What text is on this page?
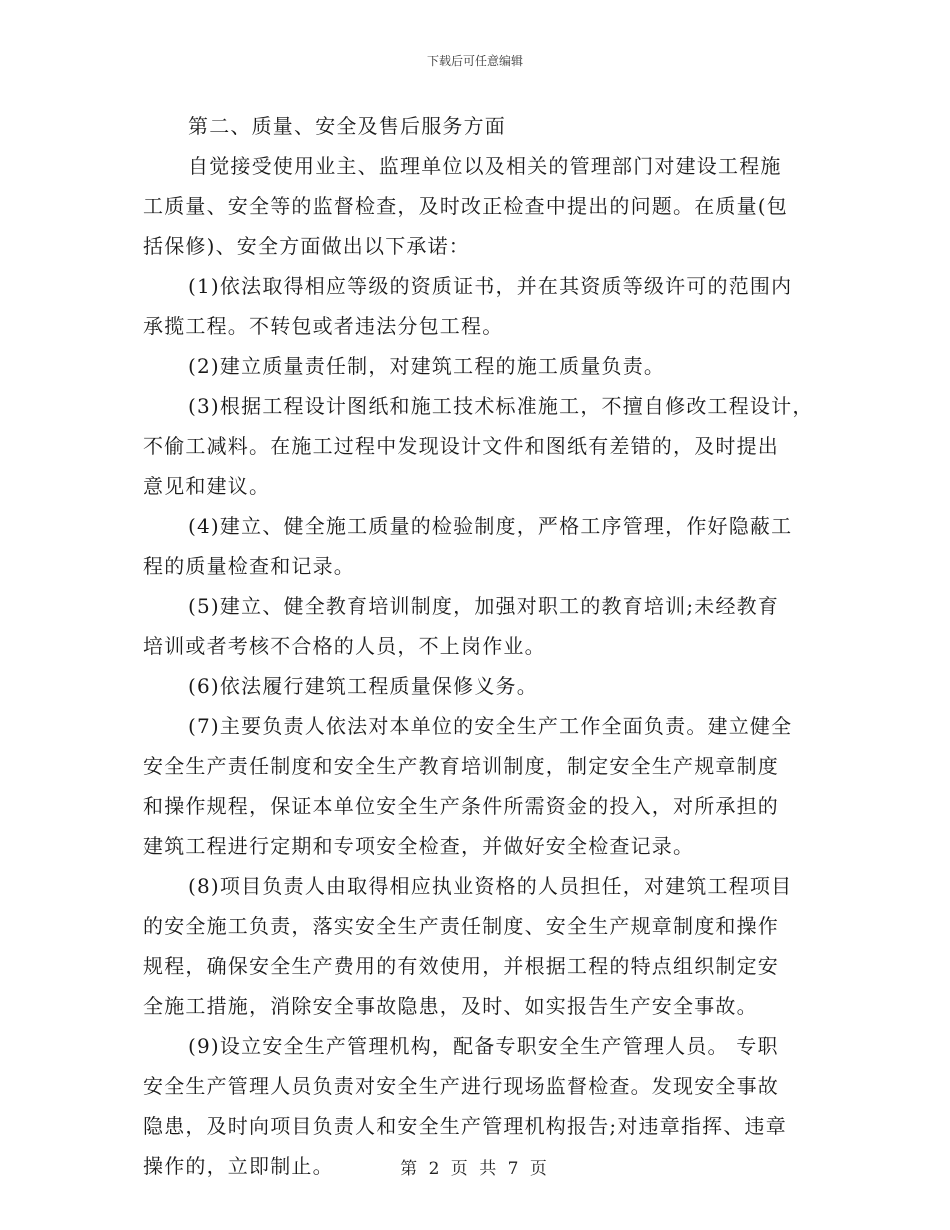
下载后可任意编辑

第二、质量、安全及售后服务方面

自觉接受使用业主、监理单位以及相关的管理部门对建设工程施
工质量、安全等的监督检查，及时改正检查中提出的问题。在质量(包
括保修)、安全方面做出以下承诺：

(1)依法取得相应等级的资质证书，并在其资质等级许可的范围内
承揽工程。不转包或者违法分包工程。

(2)建立质量责任制，对建筑工程的施工质量负责。

(3)根据工程设计图纸和施工技术标准施工，不擅自修改工程设计，
不偷工减料。在施工过程中发现设计文件和图纸有差错的，及时提出
意见和建议。

(4)建立、健全施工质量的检验制度，严格工序管理，作好隐蔽工
程的质量检查和记录。

(5)建立、健全教育培训制度，加强对职工的教育培训;未经教育
培训或者考核不合格的人员，不上岗作业。

(6)依法履行建筑工程质量保修义务。

(7)主要负责人依法对本单位的安全生产工作全面负责。建立健全
安全生产责任制度和安全生产教育培训制度，制定安全生产规章制度
和操作规程，保证本单位安全生产条件所需资金的投入，对所承担的
建筑工程进行定期和专项安全检查，并做好安全检查记录。

(8)项目负责人由取得相应执业资格的人员担任，对建筑工程项目
的安全施工负责，落实安全生产责任制度、安全生产规章制度和操作
规程，确保安全生产费用的有效使用，并根据工程的特点组织制定安
全施工措施，消除安全事故隐患，及时、如实报告生产安全事故。

(9)设立安全生产管理机构，配备专职安全生产管理人员。 专职
安全生产管理人员负责对安全生产进行现场监督检查。发现安全事故
隐患，及时向项目负责人和安全生产管理机构报告;对违章指挥、违章
操作的，立即制止。	第 2 页 共 7 页
